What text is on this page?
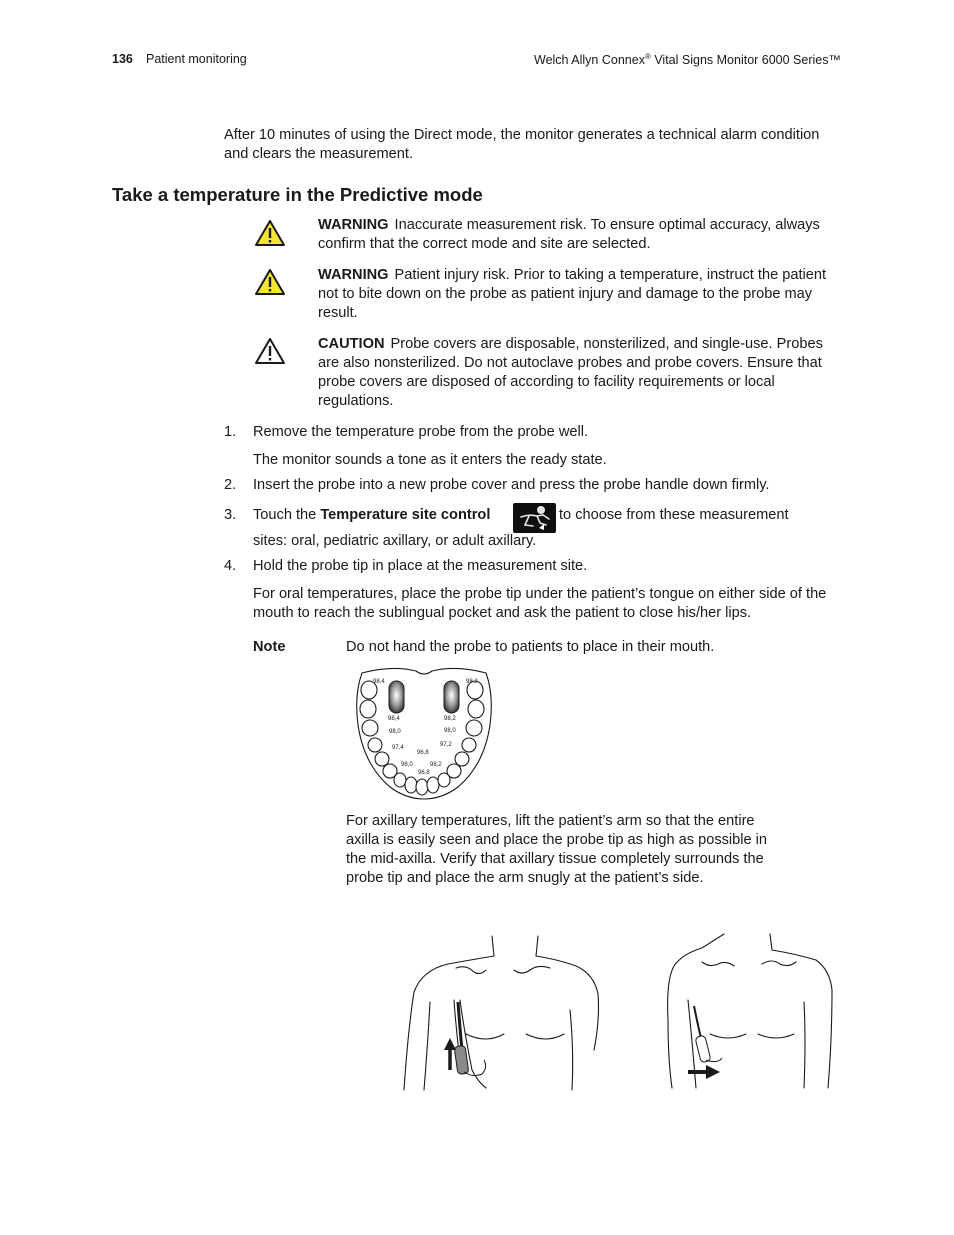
136 Patient monitoring	Welch Allyn Connex® Vital Signs Monitor 6000 Series™
After 10 minutes of using the Direct mode, the monitor generates a technical alarm condition and clears the measurement.
Take a temperature in the Predictive mode
WARNING Inaccurate measurement risk. To ensure optimal accuracy, always confirm that the correct mode and site are selected.
WARNING Patient injury risk. Prior to taking a temperature, instruct the patient not to bite down on the probe as patient injury and damage to the probe may result.
CAUTION Probe covers are disposable, nonsterilized, and single-use. Probes are also nonsterilized. Do not autoclave probes and probe covers. Ensure that probe covers are disposed of according to facility requirements or local regulations.
1. Remove the temperature probe from the probe well.
The monitor sounds a tone as it enters the ready state.
2. Insert the probe into a new probe cover and press the probe handle down firmly.
3. Touch the Temperature site control	to choose from these measurement
sites: oral, pediatric axillary, or adult axillary.
4. Hold the probe tip in place at the measurement site.
For oral temperatures, place the probe tip under the patient’s tongue on either side of the mouth to reach the sublingual pocket and ask the patient to close his/her lips.
Note	Do not hand the probe to patients to place in their mouth.
98,4	98,2
98,4	98,2
98,0	98,0
97,4	97,2
96,8
98,0	98,2
96,8
For axillary temperatures, lift the patient’s arm so that the entire axilla is easily seen and place the probe tip as high as possible in the mid-axilla. Verify that axillary tissue completely surrounds the probe tip and place the arm snugly at the patient’s side.
